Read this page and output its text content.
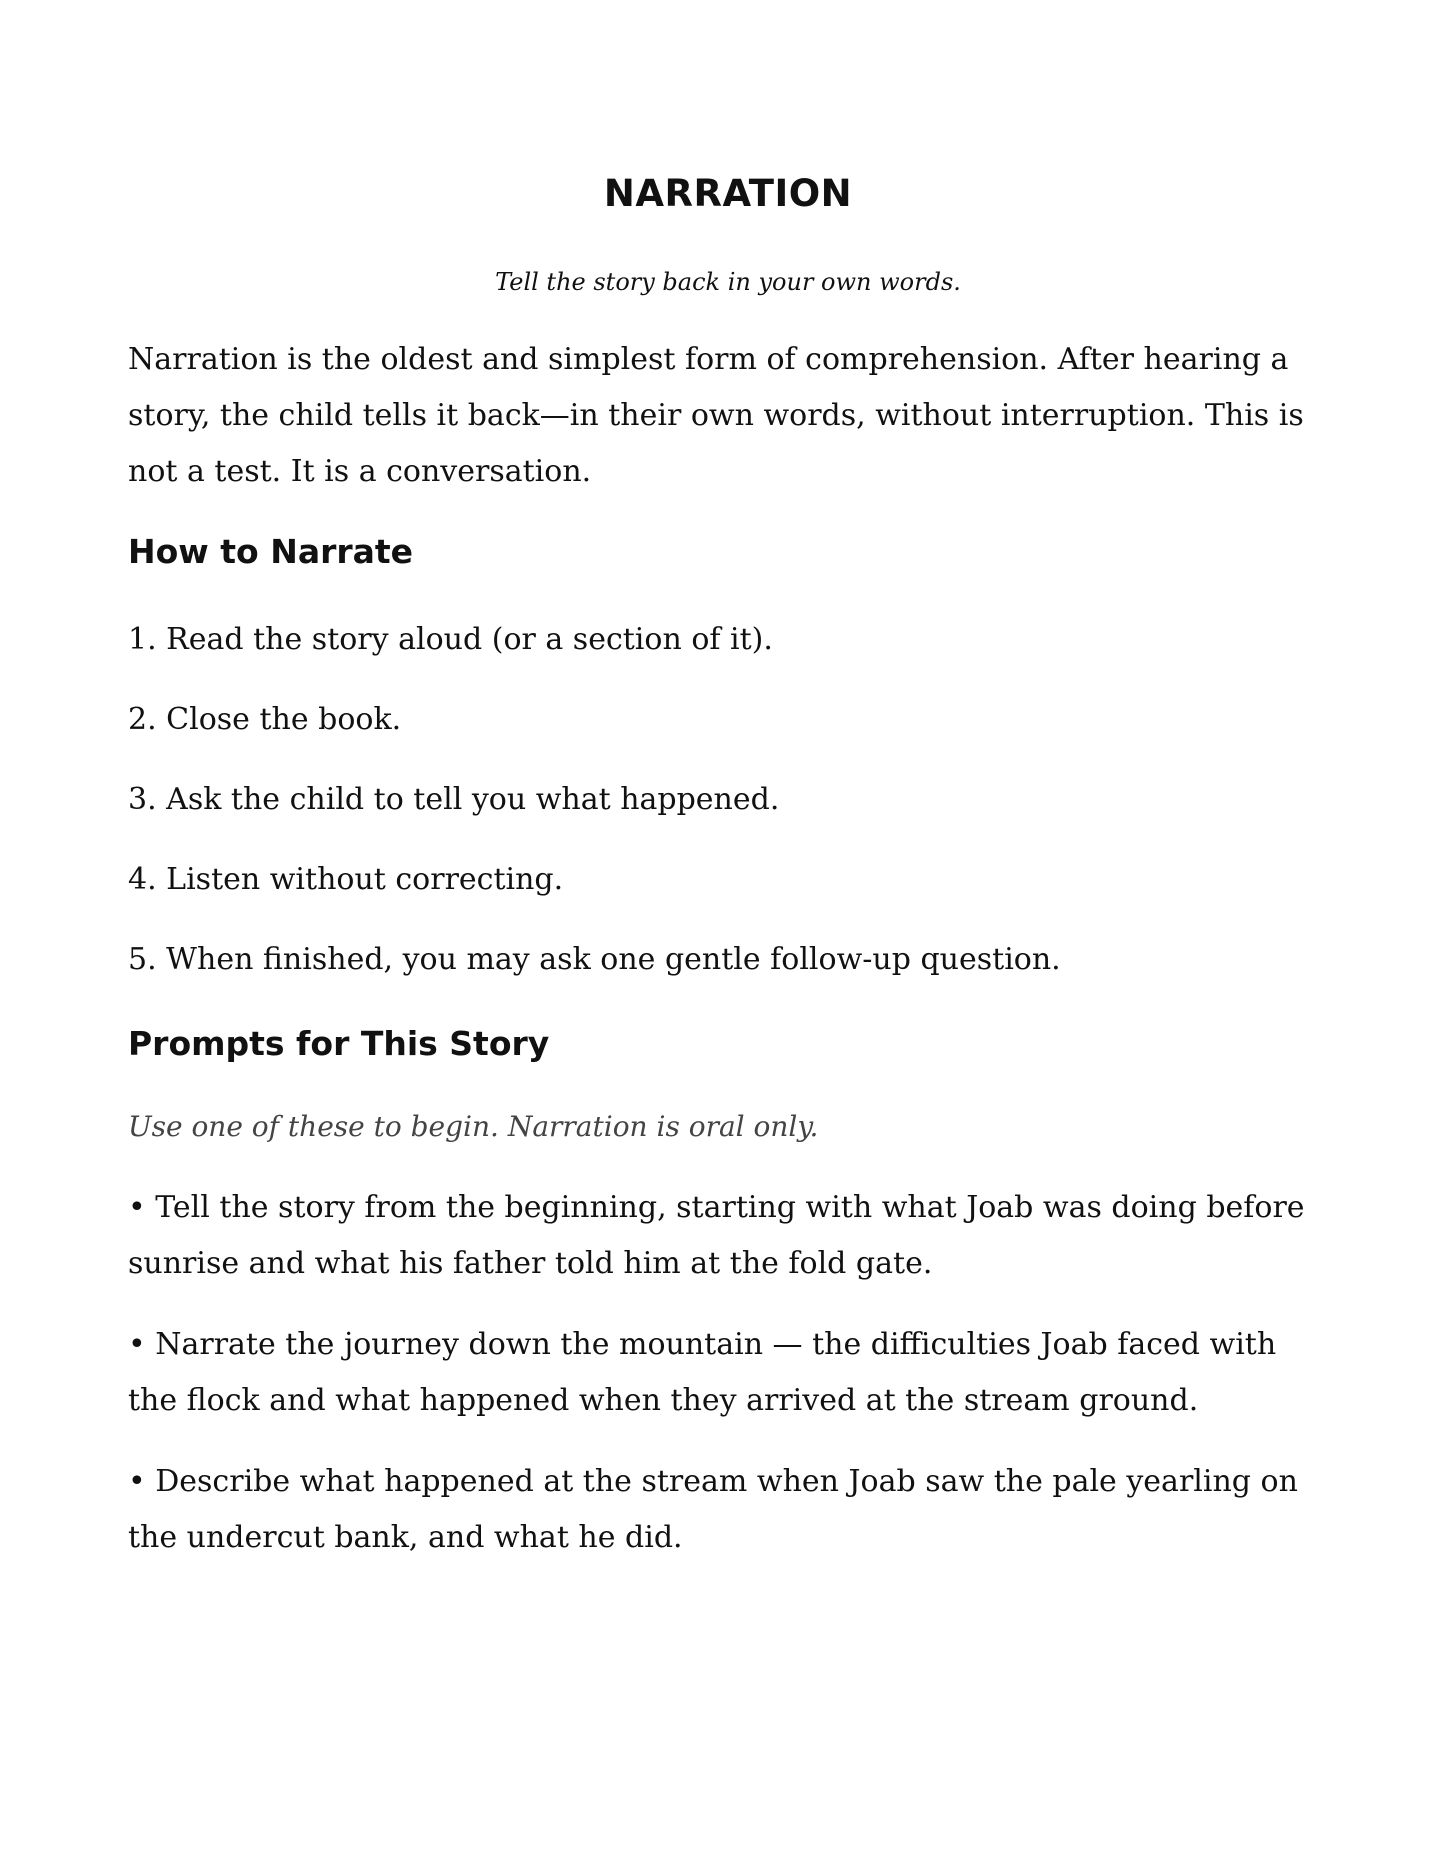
NARRATION

Tell the story back in your own words.

Narration is the oldest and simplest form of comprehension. After hearing a story, the child tells it back—in their own words, without interruption. This is not a test. It is a conversation.

How to Narrate

1. Read the story aloud (or a section of it).

2. Close the book.

3. Ask the child to tell you what happened.

4. Listen without correcting.

5. When finished, you may ask one gentle follow-up question.

Prompts for This Story

Use one of these to begin. Narration is oral only.

• Tell the story from the beginning, starting with what Joab was doing before sunrise and what his father told him at the fold gate.

• Narrate the journey down the mountain — the difficulties Joab faced with the flock and what happened when they arrived at the stream ground.

• Describe what happened at the stream when Joab saw the pale yearling on the undercut bank, and what he did.
